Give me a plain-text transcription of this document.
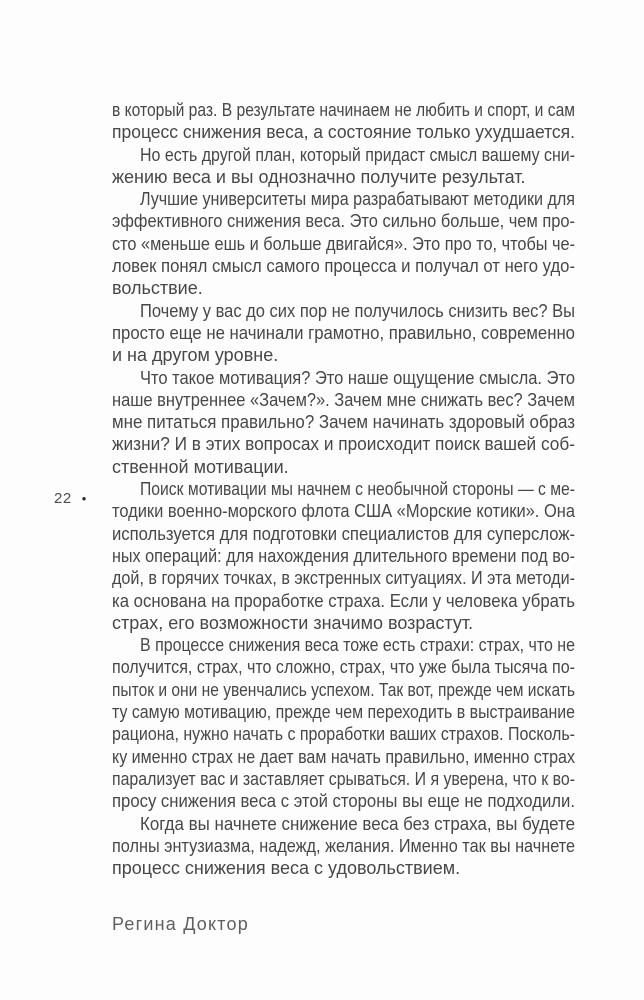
22 •
в который раз. В результате начинаем не любить и спорт, и сам
процесс снижения веса, а состояние только ухудшается.
Но есть другой план, который придаст смысл вашему сни-
жению веса и вы однозначно получите результат.
Лучшие университеты мира разрабатывают методики для
эффективного снижения веса. Это сильно больше, чем про-
сто «меньше ешь и больше двигайся». Это про то, чтобы че-
ловек понял смысл самого процесса и получал от него удо-
вольствие.
Почему у вас до сих пор не получилось снизить вес? Вы
просто еще не начинали грамотно, правильно, современно
и на другом уровне.
Что такое мотивация? Это наше ощущение смысла. Это
наше внутреннее «Зачем?». Зачем мне снижать вес? Зачем
мне питаться правильно? Зачем начинать здоровый образ
жизни? И в этих вопросах и происходит поиск вашей соб-
ственной мотивации.
Поиск мотивации мы начнем с необычной стороны — с ме-
тодики военно-морского флота США «Морские котики». Она
используется для подготовки специалистов для суперслож-
ных операций: для нахождения длительного времени под во-
дой, в горячих точках, в экстренных ситуациях. И эта методи-
ка основана на проработке страха. Если у человека убрать
страх, его возможности значимо возрастут.
В процессе снижения веса тоже есть страхи: страх, что не
получится, страх, что сложно, страх, что уже была тысяча по-
пыток и они не увенчались успехом. Так вот, прежде чем искать
ту самую мотивацию, прежде чем переходить в выстраивание
рациона, нужно начать с проработки ваших страхов. Посколь-
ку именно страх не дает вам начать правильно, именно страх
парализует вас и заставляет срываться. И я уверена, что к во-
просу снижения веса с этой стороны вы еще не подходили.
Когда вы начнете снижение веса без страха, вы будете
полны энтузиазма, надежд, желания. Именно так вы начнете
процесс снижения веса с удовольствием.
Регина Доктор
